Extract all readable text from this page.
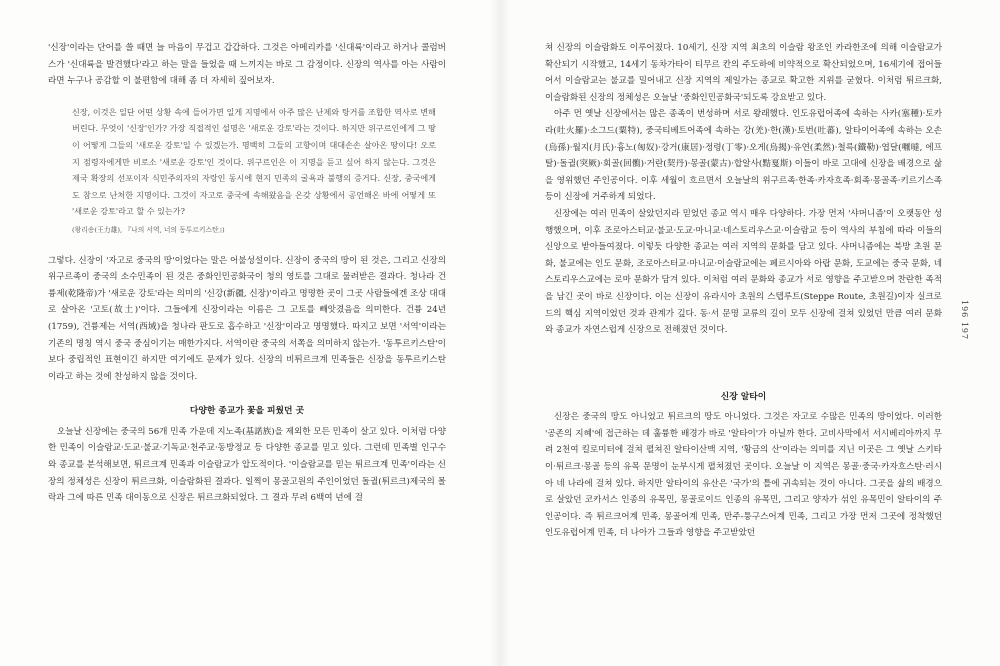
'신장'이라는 단어를 쓸 때면 늘 마음이 무겁고 갑갑하다. 그것은 아메리카를 '신대륙'이라고 하거나 콜럼버스가 '신대륙을 발견했다'라고 하는 말을 들었을 때 느끼지는 바로 그 감정이다. 신장의 역사를 아는 사람이라면 누구나 공감할 이 불편함에 대해 좀 더 자세히 짚어보자.

신장, 이것은 일단 어떤 상황 속에 들어가면 일게 지명에서 아주 많은 난제와 탕거를 조합한 역사로 변해버린다. 무엇이 '신장'인가? 가장 직접적인 설명은 '새로운 강토'라는 것이다. 하지만 위구르인에게 그 땅이 어떻게 그들의 '새로운 강토'일 수 있겠는가. 명백히 그들의 고향이며 대대손손 살아온 땅이다! 오로지 점령자에게만 비로소 '새로운 강토'인 것이다. 위구르인은 이 지명을 듣고 싶어 하지 않는다. 그것은 제국 확장의 선포이자 식민주의자의 자랑인 동시에 현지 민족의 굴욕과 불행의 증거다. 신장, 중국에게도 참으로 난처한 지명이다. 그것이 자고로 중국에 속해왔음을 온갖 상황에서 공언해온 바에 어떻게 또 '새로운 강토'라고 할 수 있는가?

(왕리숑(王力雄), 『나의 서역, 너의 동투르키스탄』)

그렇다. 신장이 '자고로 중국의 땅'이었다는 말은 어불성설이다. 신장이 중국의 땅이 된 것은, 그리고 신장의 위구르족이 중국의 소수민족이 된 것은 중화인민공화국이 청의 영토를 그대로 물려받은 결과다. 청나라 건륭제(乾隆帝)가 '새로운 강토'라는 의미의 '신강(新疆, 신장)'이라고 명명한 곳이 그곳 사람들에겐 조상 대대로 살아온 '고토(故土)'이다. 그들에게 신장이라는 이름은 그 고토를 빼앗겼음을 의미한다. 건륭 24년(1759), 건륭제는 서역(西域)을 청나라 판도로 흡수하고 '신장'이라고 명명했다. 따지고 보면 '서역'이라는 기존의 명칭 역시 중국 중심이기는 매한가지다. 서역이란 중국의 서쪽을 의미하지 않는가. '동투르키스탄'이 보다 중립적인 표현이긴 하지만 여기에도 문제가 있다. 신장의 비튀르크계 민족들은 신장을 동투르키스탄이라고 하는 것에 찬성하지 않을 것이다.

다양한 종교가 꽃을 피웠던 곳

오늘날 신장에는 중국의 56개 민족 가운데 지노족(基諾族)을 제외한 모든 민족이 살고 있다. 이처럼 다양한 민족이 이슬람교·도교·불교·기독교·천주교·동방정교 등 다양한 종교를 믿고 있다. 그런데 민족별 인구수와 종교를 분석해보면, 튀르크계 민족과 이슬람교가 압도적이다. '이슬람교를 믿는 튀르크계 민족'이라는 신장의 정체성은 신장이 튀르크화, 이슬람화된 결과다. 일찍이 몽골고원의 주인이었던 돌궐(튀르크)제국의 몰락과 그에 따른 민족 대이동으로 신장은 튀르크화되었다. 그 결과 무려 6백여 년에 걸

쳐 신장의 이슬람화도 이루어졌다. 10세기, 신장 지역 최초의 이슬람 왕조인 카라한조에 의해 이슬람교가 확산되기 시작했고, 14세기 동차가타이 티무르 칸의 주도하에 비약적으로 확산되었으며, 16세기에 접어들어서 이슬람교는 불교를 밀어내고 신장 지역의 제일가는 종교로 확고한 지위를 굳혔다. 이처럼 튀르크화, 이슬람화된 신장의 정체성은 오늘날 '중화인민공화국'되도록 강요받고 있다.

아주 먼 옛날 신장에서는 많은 종족이 번성하며 서로 왕래했다. 인도유럽어족에 속하는 사카(塞種)·토카라(吐火羅)·소그드(粟特), 중국티베트어족에 속하는 강(羌)·한(漢)·토번(吐蕃), 알타이어족에 속하는 오손(烏孫)·월지(月氏)·흉노(匈奴)·강거(康居)·정령(丁零)·오게(烏揭)·유연(柔然)·철륵(鐵勒)·엽달(嚈噠, 에프탈)·돌궐(突厥)·회골(回鶻)·거란(契丹)·몽골(蒙古)·합알사(黠戛斯) 이들이 바로 고대에 신장을 배경으로 삶을 영위했던 주인공이다. 이후 세월이 흐르면서 오늘날의 위구르족·한족·카자흐족·회족·몽골족·키르기스족 등이 신장에 거주하게 되었다.

신장에는 여러 민족이 살았던지라 믿었던 종교 역시 매우 다양하다. 가장 먼저 '샤머니즘'이 오랫동안 성행했으며, 이후 조로아스터교·불교·도교·마니교·네스토리우스교·이슬람교 등이 역사의 부침에 따라 이들의 신앙으로 받아들여졌다. 이렇듯 다양한 종교는 여러 지역의 문화를 담고 있다. 샤머니즘에는 북방 초원 문화, 불교에는 인도 문화, 조로아스터교·마니교·이슬람교에는 페르시아와 아랍 문화, 도교에는 중국 문화, 네스토리우스교에는 로마 문화가 담겨 있다. 이처럼 여러 문화와 종교가 서로 영향을 주고받으며 찬란한 족적을 남긴 곳이 바로 신장이다. 이는 신장이 유라시아 초원의 스텝루트(Steppe Route, 초원길)이자 실크로드의 핵심 지역이었던 것과 관계가 깊다. 동·서 문명 교류의 길이 모두 신장에 걸쳐 있었던 만큼 여러 문화와 종교가 자연스럽게 신장으로 전해졌던 것이다.

신장 알타이

신장은 중국의 땅도 아니었고 튀르크의 땅도 아니었다. 그것은 자고로 수많은 민족의 땅이었다. 이러한 '공존의 지혜'에 접근하는 데 훌륭한 배경가 바로 '알타이'가 아닐까 한다. 고비사막에서 서시베리아까지 무려 2천여 킬로미터에 걸쳐 펼쳐진 알타이산맥 지역, '황금의 산'이라는 의미를 지닌 이곳은 그 옛날 스키타이·튀르크·몽골 등의 유목 문명이 눈부시게 펼쳐졌던 곳이다. 오늘날 이 지역은 몽골·중국·카자흐스탄·러시아 네 나라에 걸쳐 있다. 하지만 알타이의 유산은 '국가'의 틀에 귀속되는 것이 아니다. 그곳을 삶의 배경으로 살았던 코카서스 인종의 유목민, 몽골로이드 인종의 유목민, 그리고 양자가 섞인 유목민이 알타이의 주인공이다. 즉 튀르크어계 민족, 몽골어계 민족, 만주-퉁구스어계 민족, 그리고 가장 먼저 그곳에 정착했던 인도유럽어계 민족, 더 나아가 그들과 영향을 주고받았던

196 197
